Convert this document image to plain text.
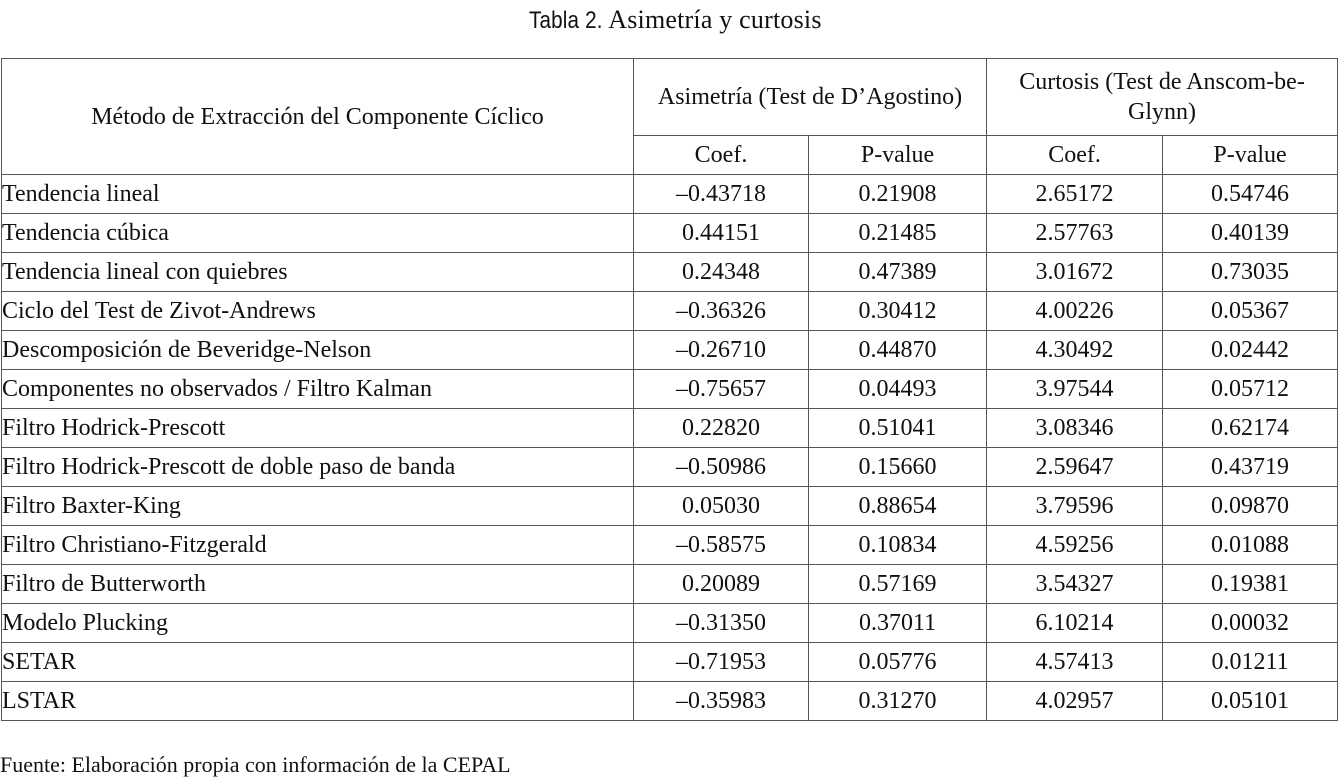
Tabla 2. Asimetría y curtosis
Método de Extracción del Componente Cíclico	Asimetría (Test de D’Agostino)		Curtosis (Test de Anscom-be-Glynn)	
	Coef.	P-value	Coef.	P-value
Tendencia lineal	–0.43718	0.21908	2.65172	0.54746
Tendencia cúbica	0.44151	0.21485	2.57763	0.40139
Tendencia lineal con quiebres	0.24348	0.47389	3.01672	0.73035
Ciclo del Test de Zivot-Andrews	–0.36326	0.30412	4.00226	0.05367
Descomposición de Beveridge-Nelson	–0.26710	0.44870	4.30492	0.02442
Componentes no observados / Filtro Kalman	–0.75657	0.04493	3.97544	0.05712
Filtro Hodrick-Prescott	0.22820	0.51041	3.08346	0.62174
Filtro Hodrick-Prescott de doble paso de banda	–0.50986	0.15660	2.59647	0.43719
Filtro Baxter-King	0.05030	0.88654	3.79596	0.09870
Filtro Christiano-Fitzgerald	–0.58575	0.10834	4.59256	0.01088
Filtro de Butterworth	0.20089	0.57169	3.54327	0.19381
Modelo Plucking	–0.31350	0.37011	6.10214	0.00032
SETAR	–0.71953	0.05776	4.57413	0.01211
LSTAR	–0.35983	0.31270	4.02957	0.05101
Fuente: Elaboración propia con información de la CEPAL
